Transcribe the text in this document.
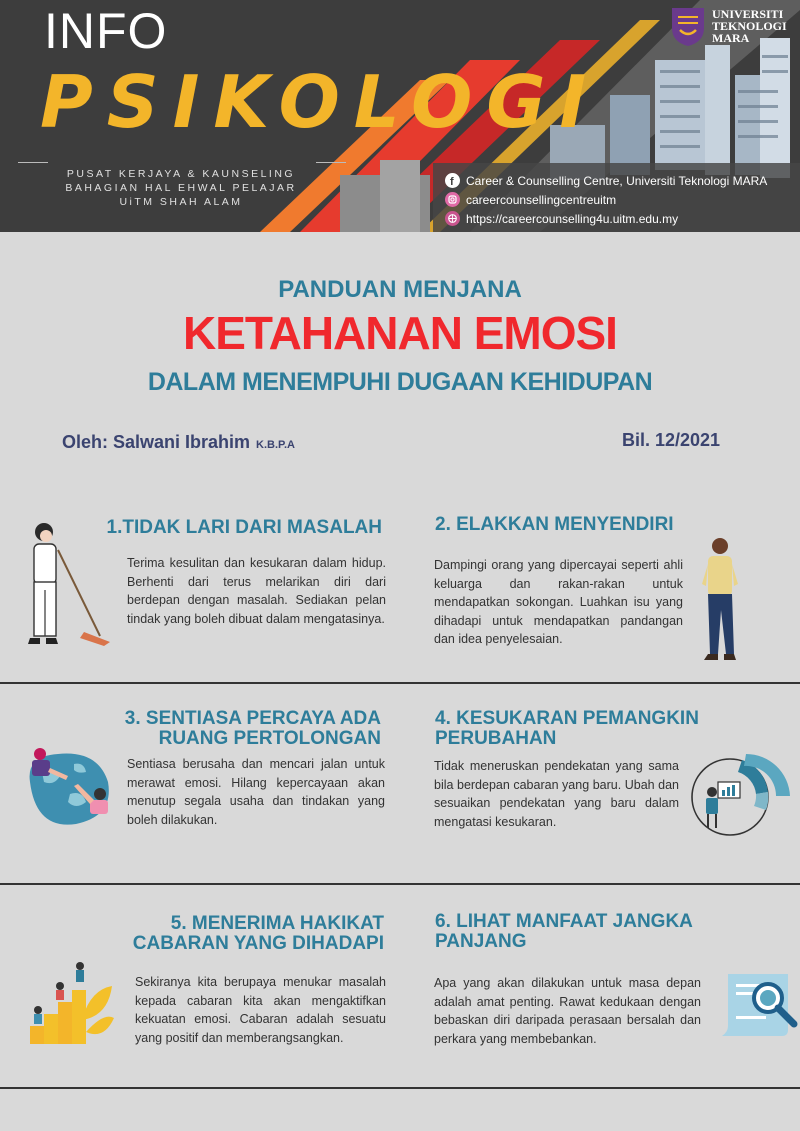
INFO
PSIKOLOGI
PUSAT KERJAYA & KAUNSELING
BAHAGIAN HAL EHWAL PELAJAR
UiTM SHAH ALAM
UNIVERSITI
TEKNOLOGI
MARA
f Career & Counselling Centre, Universiti Teknologi MARA
careercounsellingcentreuitm
https://careercounselling4u.uitm.edu.my
PANDUAN MENJANA
KETAHANAN EMOSI
DALAM MENEMPUHI DUGAAN KEHIDUPAN
Oleh: Salwani Ibrahim K.B.P.A	Bil. 12/2021
1.TIDAK LARI DARI MASALAH
Terima kesulitan dan kesukaran dalam hidup. Berhenti dari terus melarikan diri dari berdepan dengan masalah. Sediakan pelan tindak yang boleh dibuat dalam mengatasinya.
2. ELAKKAN MENYENDIRI
Dampingi orang yang dipercayai seperti ahli keluarga dan rakan-rakan untuk mendapatkan sokongan. Luahkan isu yang dihadapi untuk mendapatkan pandangan dan idea penyelesaian.
3. SENTIASA PERCAYA ADA
RUANG PERTOLONGAN
Sentiasa berusaha dan mencari jalan untuk merawat emosi. Hilang kepercayaan akan menutup segala usaha dan tindakan yang boleh dilakukan.
4. KESUKARAN PEMANGKIN
PERUBAHAN
Tidak meneruskan pendekatan yang sama bila berdepan cabaran yang baru. Ubah dan sesuaikan pendekatan yang baru dalam mengatasi kesukaran.
5. MENERIMA HAKIKAT
CABARAN YANG DIHADAPI
Sekiranya kita berupaya menukar masalah kepada cabaran kita akan mengaktifkan kekuatan emosi. Cabaran adalah sesuatu yang positif dan memberangsangkan.
6. LIHAT MANFAAT JANGKA
PANJANG
Apa yang akan dilakukan untuk masa depan adalah amat penting. Rawat kedukaan dengan bebaskan diri daripada perasaan bersalah dan perkara yang membebankan.
